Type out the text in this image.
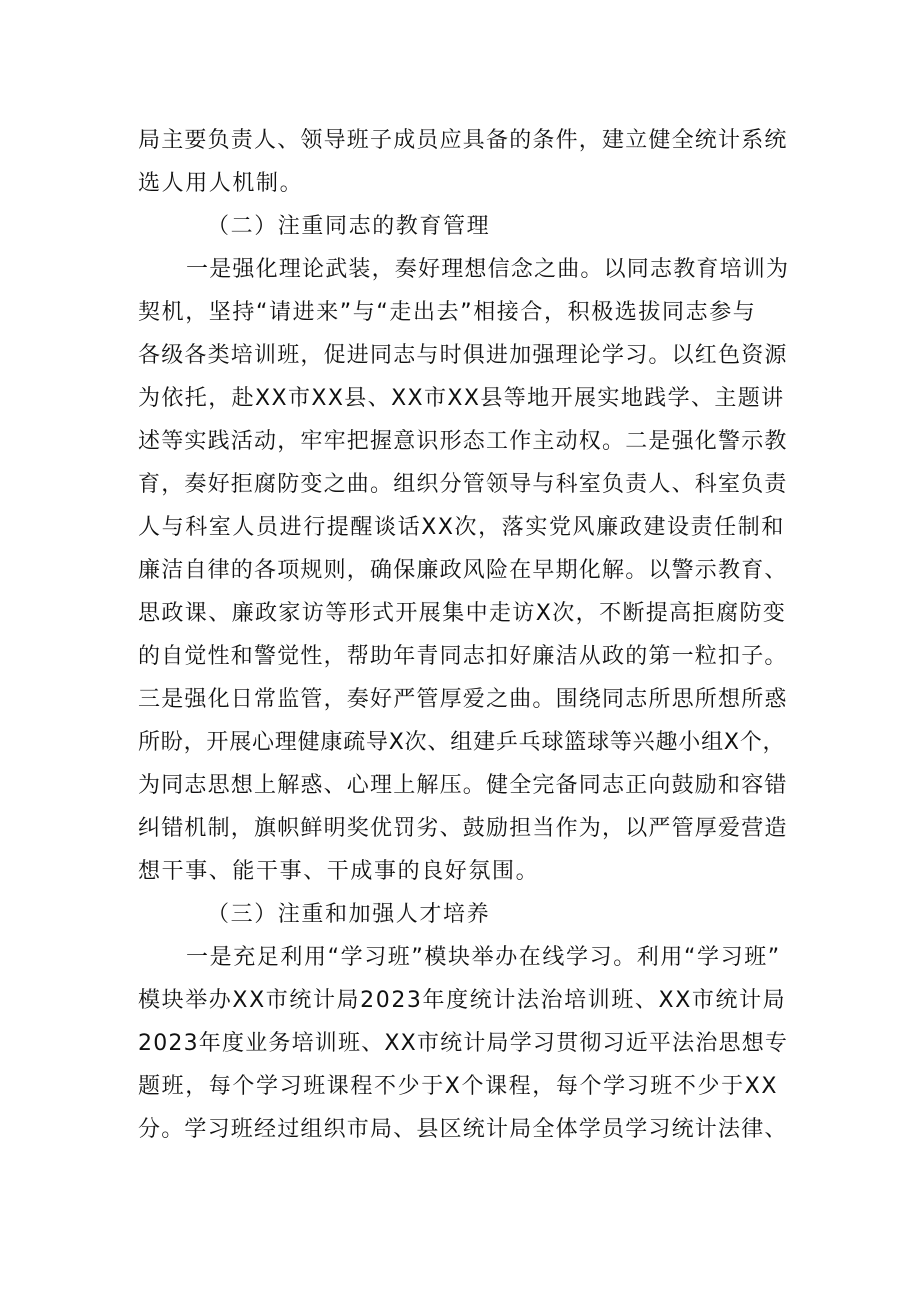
局主要负责人、领导班子成员应具备的条件，建立健全统计系统
选人用人机制。
（二）注重同志的教育管理
一是强化理论武装，奏好理想信念之曲。以同志教育培训为
契机，坚持“请进来”与“走出去”相接合，积极选拔同志参与
各级各类培训班，促进同志与时俱进加强理论学习。以红色资源
为依托，赴XX市XX县、XX市XX县等地开展实地践学、主题讲
述等实践活动，牢牢把握意识形态工作主动权。二是强化警示教
育，奏好拒腐防变之曲。组织分管领导与科室负责人、科室负责
人与科室人员进行提醒谈话XX次，落实党风廉政建设责任制和
廉洁自律的各项规则，确保廉政风险在早期化解。以警示教育、
思政课、廉政家访等形式开展集中走访X次，不断提高拒腐防变
的自觉性和警觉性，帮助年青同志扣好廉洁从政的第一粒扣子。
三是强化日常监管，奏好严管厚爱之曲。围绕同志所思所想所惑
所盼，开展心理健康疏导X次、组建乒乓球篮球等兴趣小组X个，
为同志思想上解惑、心理上解压。健全完备同志正向鼓励和容错
纠错机制，旗帜鲜明奖优罚劣、鼓励担当作为，以严管厚爱营造
想干事、能干事、干成事的良好氛围。
（三）注重和加强人才培养
一是充足利用“学习班”模块举办在线学习。利用“学习班”
模块举办XX市统计局2023年度统计法治培训班、XX市统计局
2023年度业务培训班、XX市统计局学习贯彻习近平法治思想专
题班，每个学习班课程不少于X个课程，每个学习班不少于XX
分。学习班经过组织市局、县区统计局全体学员学习统计法律、
